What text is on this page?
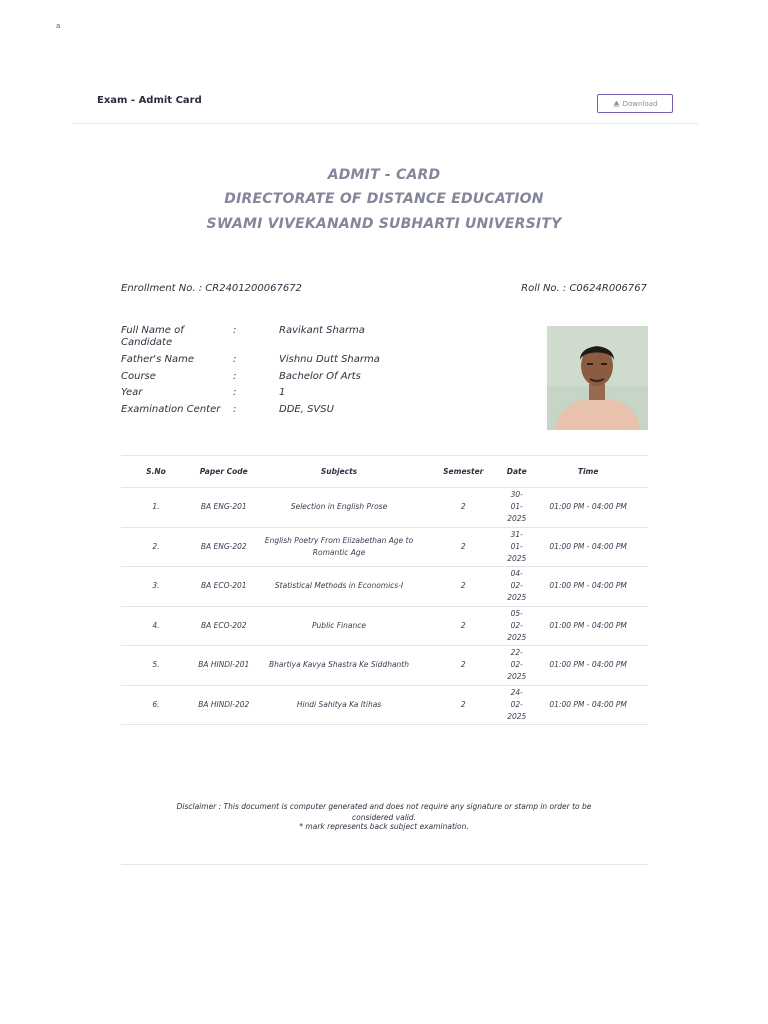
a
Exam - Admit Card	Download
ADMIT - CARD
DIRECTORATE OF DISTANCE EDUCATION
SWAMI VIVEKANAND SUBHARTI UNIVERSITY
Enrollment No. : CR2401200067672	Roll No. : C0624R006767
Full Name of Candidate
:	Ravikant Sharma
Father's Name	:	Vishnu Dutt Sharma
Course	:	Bachelor Of Arts
Year	:	1
Examination Center	:	DDE, SVSU
S.No	Paper Code	Subjects	Semester	Date	Time
1.	BA ENG-201	Selection in English Prose	2	30-01-2025	01:00 PM - 04:00 PM
2.	BA ENG-202	English Poetry From Elizabethan Age to Romantic Age	2	31-01-2025	01:00 PM - 04:00 PM
3.	BA ECO-201	Statistical Methods in Economics-I	2	04-02-2025	01:00 PM - 04:00 PM
4.	BA ECO-202	Public Finance	2	05-02-2025	01:00 PM - 04:00 PM
5.	BA HINDI-201	Bhartiya Kavya Shastra Ke Siddhanth	2	22-02-2025	01:00 PM - 04:00 PM
6.	BA HINDI-202	Hindi Sahitya Ka Itihas	2	24-02-2025	01:00 PM - 04:00 PM
Disclaimer : This document is computer generated and does not require any signature or stamp in order to be considered valid.
* mark represents back subject examination.
